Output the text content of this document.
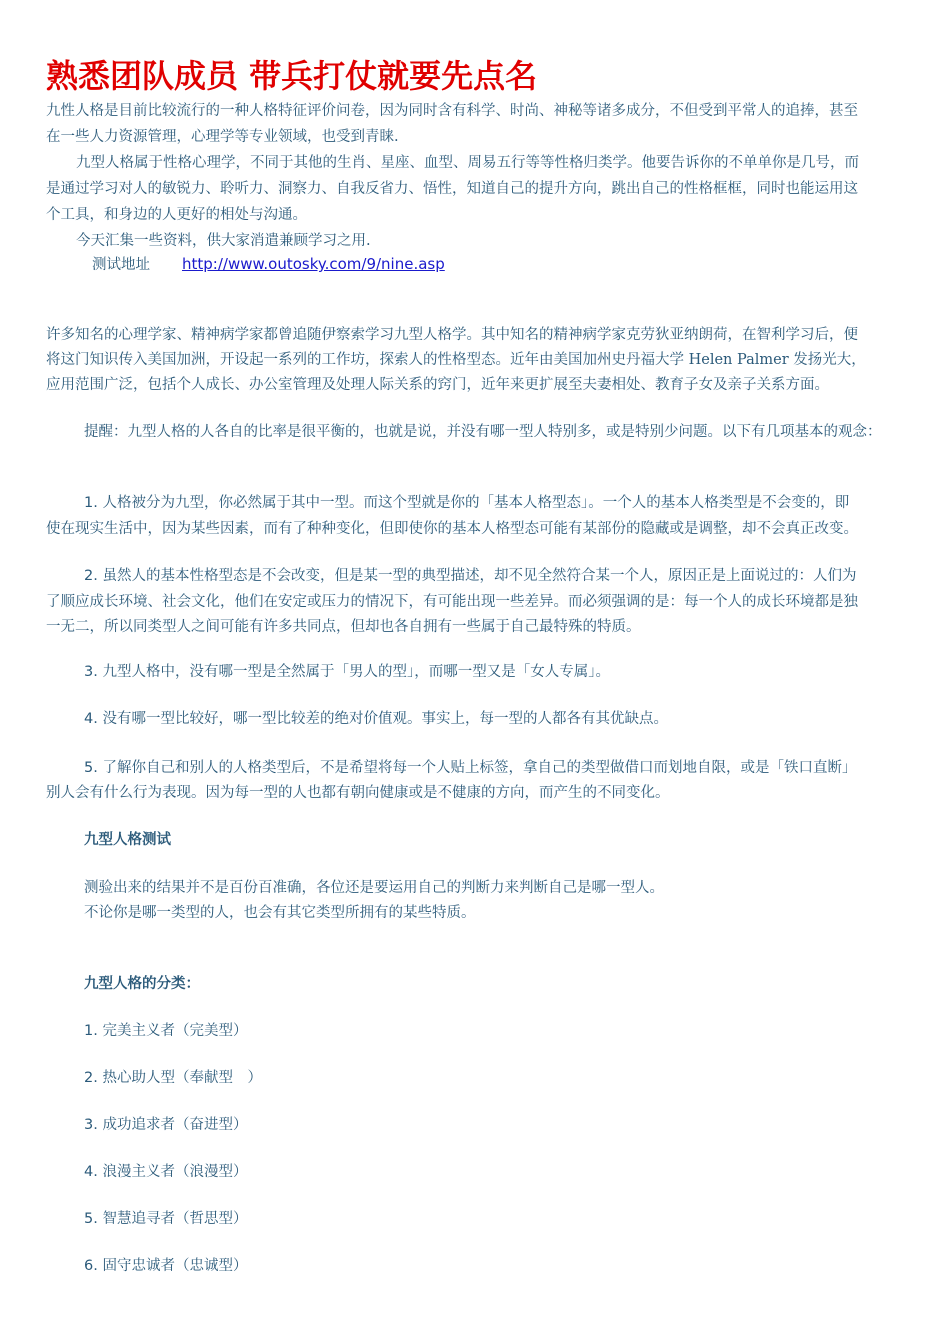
熟悉团队成员 带兵打仗就要先点名
九性人格是目前比较流行的一种人格特征评价问卷，因为同时含有科学、时尚、神秘等诸多成分，不但受到平常人的追捧，甚至
在一些人力资源管理，心理学等专业领域，也受到青睐.
九型人格属于性格心理学，不同于其他的生肖、星座、血型、周易五行等等性格归类学。他要告诉你的不单单你是几号，而
是通过学习对人的敏锐力、聆听力、洞察力、自我反省力、悟性，知道自己的提升方向，跳出自己的性格框框，同时也能运用这
个工具，和身边的人更好的相处与沟通。
今天汇集一些资料，供大家消遣兼顾学习之用.
测试地址 http://www.outosky.com/9/nine.asp
许多知名的心理学家、精神病学家都曾追随伊察索学习九型人格学。其中知名的精神病学家克劳狄亚纳朗荷，在智利学习后，便
将这门知识传入美国加洲，开设起一系列的工作坊，探索人的性格型态。近年由美国加州史丹福大学 Helen Palmer 发扬光大，
应用范围广泛，包括个人成长、办公室管理及处理人际关系的窍门，近年来更扩展至夫妻相处、教育子女及亲子关系方面。
提醒：九型人格的人各自的比率是很平衡的，也就是说，并没有哪一型人特别多，或是特别少问题。以下有几项基本的观念：
1. 人格被分为九型，你必然属于其中一型。而这个型就是你的「基本人格型态」。一个人的基本人格类型是不会变的，即
使在现实生活中，因为某些因素，而有了种种变化，但即使你的基本人格型态可能有某部份的隐藏或是调整，却不会真正改变。
2. 虽然人的基本性格型态是不会改变，但是某一型的典型描述，却不见全然符合某一个人，原因正是上面说过的：人们为
了顺应成长环境、社会文化，他们在安定或压力的情况下，有可能出现一些差异。而必须强调的是：每一个人的成长环境都是独
一无二，所以同类型人之间可能有许多共同点，但却也各自拥有一些属于自己最特殊的特质。
3. 九型人格中，没有哪一型是全然属于「男人的型」，而哪一型又是「女人专属」。
4. 没有哪一型比较好，哪一型比较差的绝对价值观。事实上，每一型的人都各有其优缺点。
5. 了解你自己和别人的人格类型后，不是希望将每一个人贴上标签，拿自己的类型做借口而划地自限，或是「铁口直断」
别人会有什么行为表现。因为每一型的人也都有朝向健康或是不健康的方向，而产生的不同变化。
九型人格测试
测验出来的结果并不是百份百准确，各位还是要运用自己的判断力来判断自己是哪一型人。
不论你是哪一类型的人，也会有其它类型所拥有的某些特质。
九型人格的分类：
1. 完美主义者（完美型）
2. 热心助人型（奉献型　）
3. 成功追求者（奋进型）
4. 浪漫主义者（浪漫型）
5. 智慧追寻者（哲思型）
6. 固守忠诚者（忠诚型）
